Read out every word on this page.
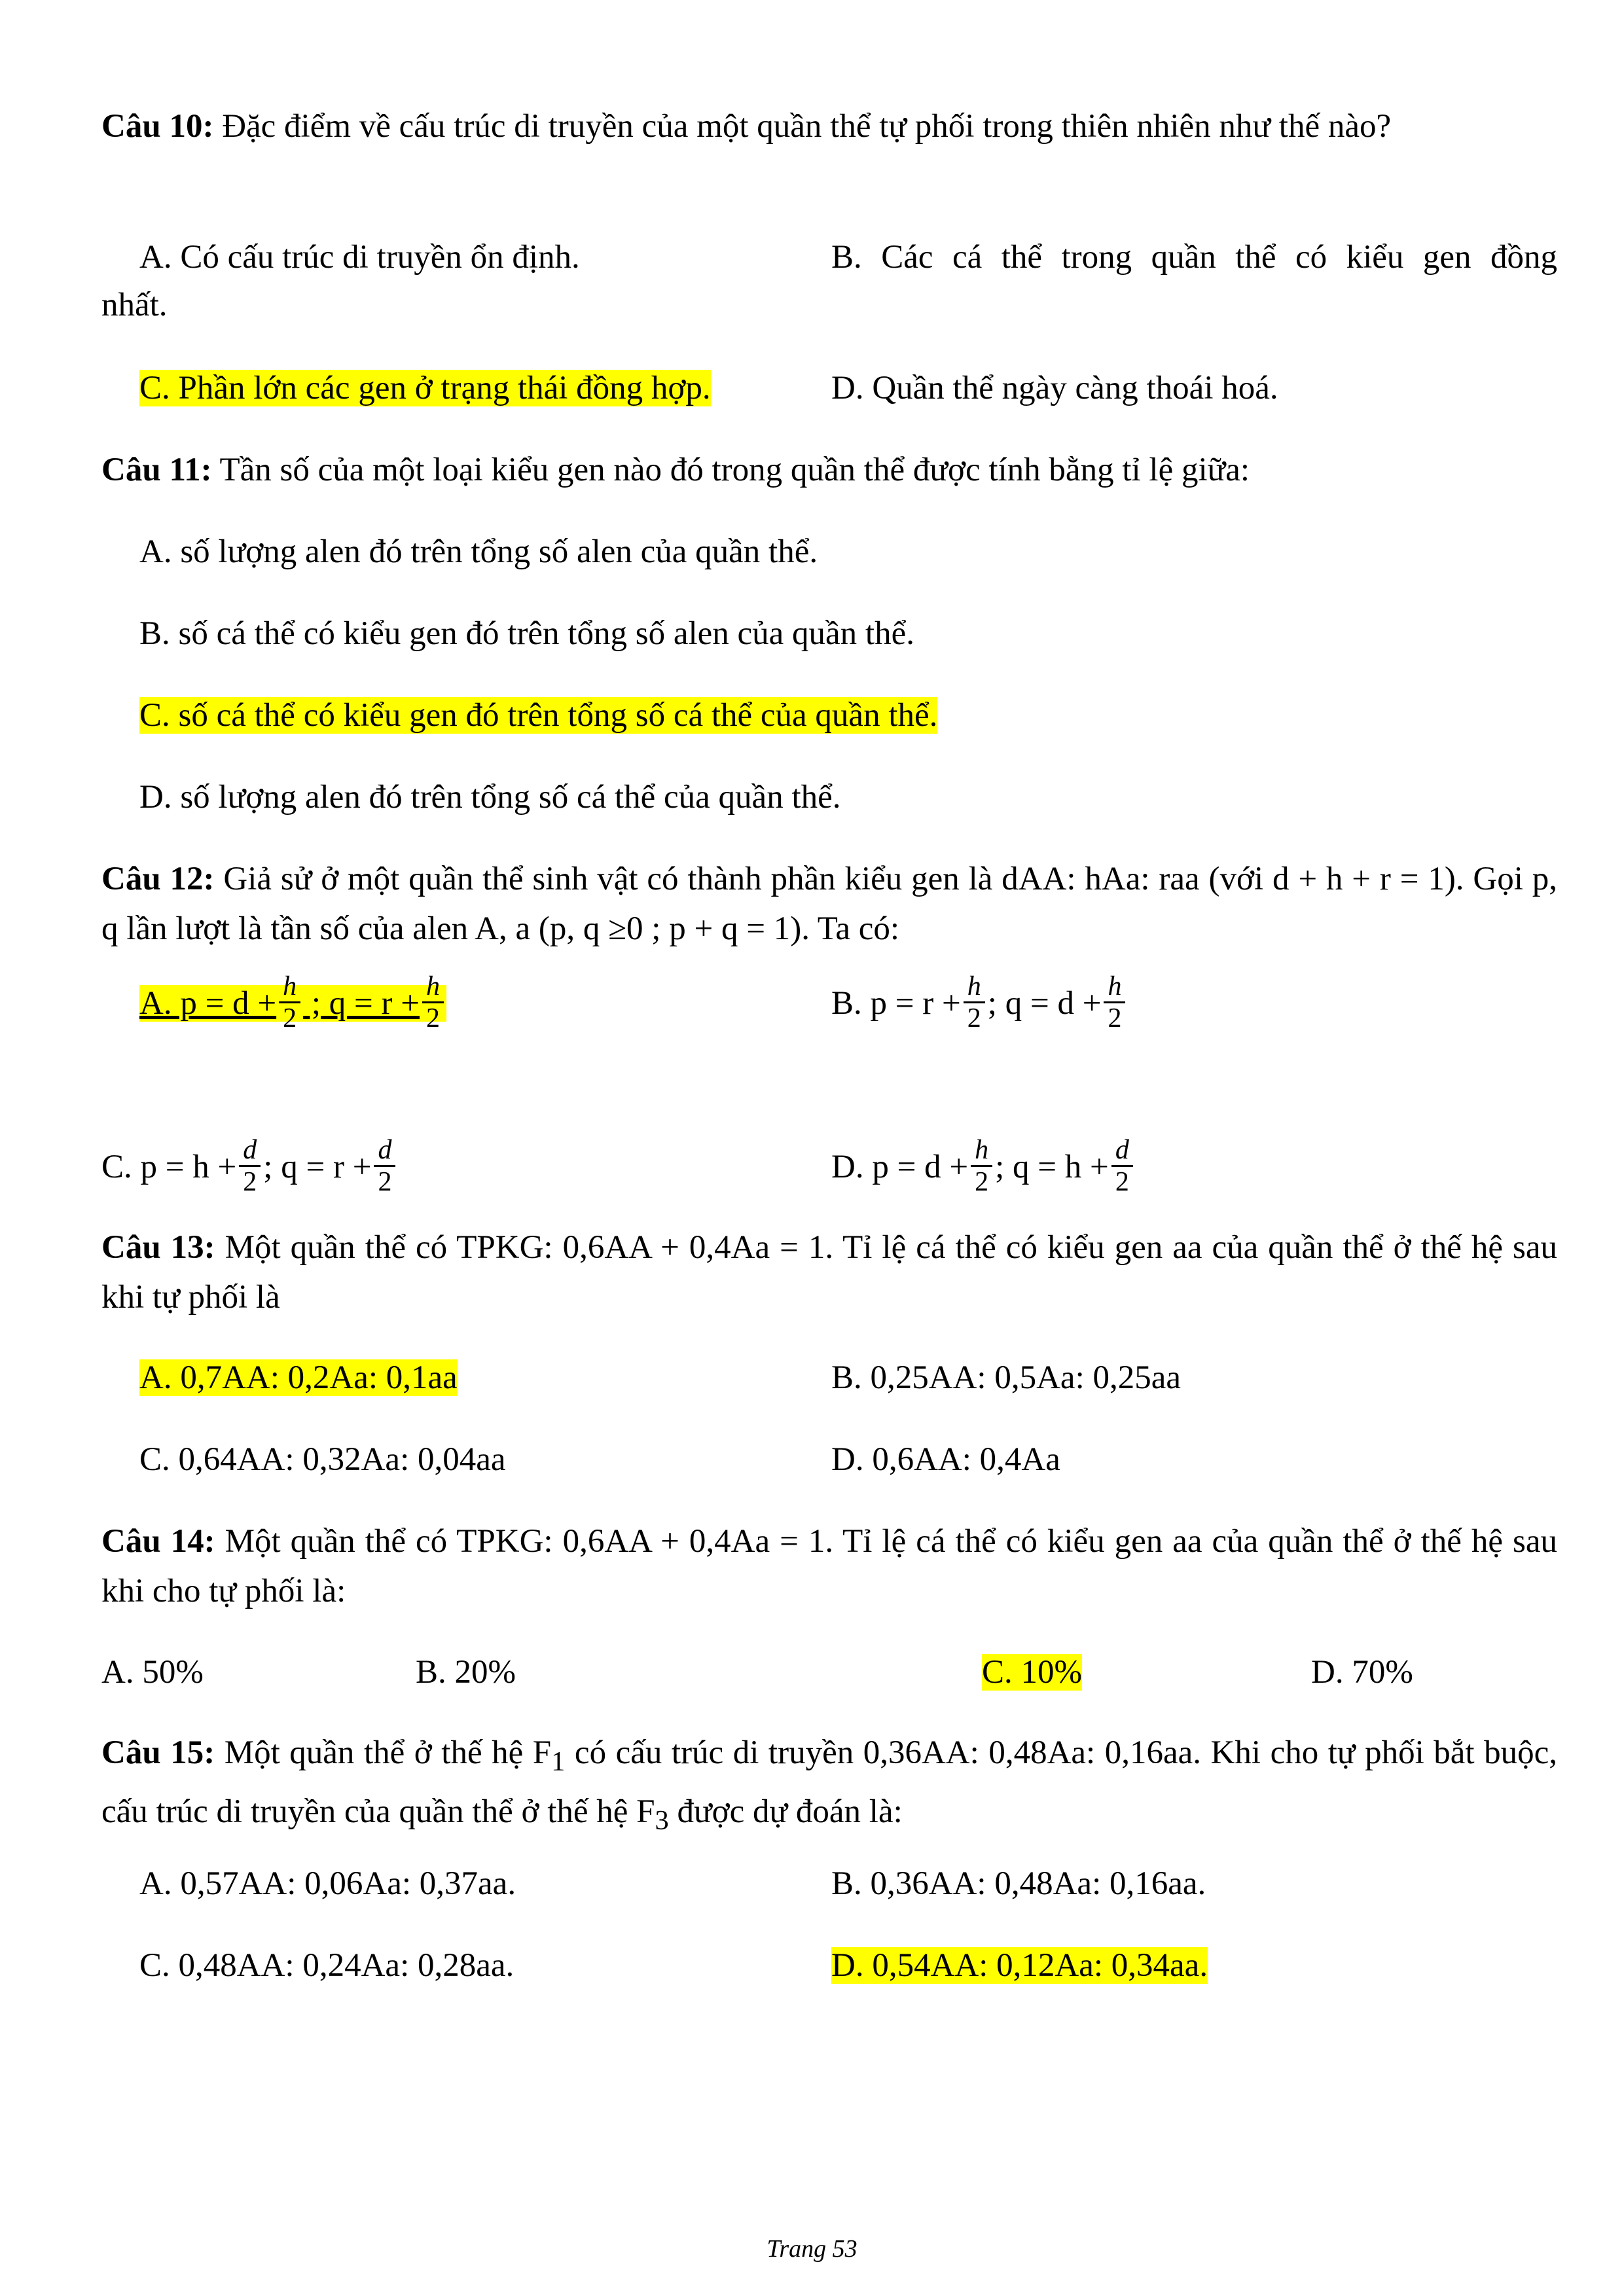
Câu 10: Đặc điểm về cấu trúc di truyền của một quần thể tự phối trong thiên nhiên như thế nào?
A. Có cấu trúc di truyền ổn định.	B. Các cá thể trong quần thể có kiểu gen đồng
nhất.
C. Phần lớn các gen ở trạng thái đồng hợp.	D. Quần thể ngày càng thoái hoá.
Câu 11: Tần số của một loại kiểu gen nào đó trong quần thể được tính bằng tỉ lệ giữa:
A. số lượng alen đó trên tổng số alen của quần thể.
B. số cá thể có kiểu gen đó trên tổng số alen của quần thể.
C. số cá thể có kiểu gen đó trên tổng số cá thể của quần thể.
D. số lượng alen đó trên tổng số cá thể của quần thể.
Câu 12: Giả sử ở một quần thể sinh vật có thành phần kiểu gen là dAA: hAa: raa (với d + h + r = 1). Gọi p, q lần lượt là tần số của alen A, a (p, q ≥0 ; p + q = 1). Ta có:
A. $p = d + \frac{h}{2}$ ; $q = r + \frac{h}{2}$	B. $p = r + \frac{h}{2}$ ; $q = d + \frac{h}{2}$
C. $p = h + \frac{d}{2}$ ; $q = r + \frac{d}{2}$	D. $p = d + \frac{h}{2}$ ; $q = h + \frac{d}{2}$
Câu 13: Một quần thể có TPKG: 0,6AA + 0,4Aa = 1. Tỉ lệ cá thể có kiểu gen aa của quần thể ở thế hệ sau khi tự phối là
A. 0,7AA: 0,2Aa: 0,1aa	B. 0,25AA: 0,5Aa: 0,25aa
C. 0,64AA: 0,32Aa: 0,04aa	D. 0,6AA: 0,4Aa
Câu 14: Một quần thể có TPKG: 0,6AA + 0,4Aa = 1. Tỉ lệ cá thể có kiểu gen aa của quần thể ở thế hệ sau khi cho tự phối là:
A. 50%	B. 20%	C. 10%	D. 70%
Câu 15: Một quần thể ở thế hệ $F_1$ có cấu trúc di truyền 0,36AA: 0,48Aa: 0,16aa. Khi cho tự phối bắt buộc, cấu trúc di truyền của quần thể ở thế hệ $F_3$ được dự đoán là:
A. 0,57AA: 0,06Aa: 0,37aa.	B. 0,36AA: 0,48Aa: 0,16aa.
C. 0,48AA: 0,24Aa: 0,28aa.	D. 0,54AA: 0,12Aa: 0,34aa.
Trang 53
